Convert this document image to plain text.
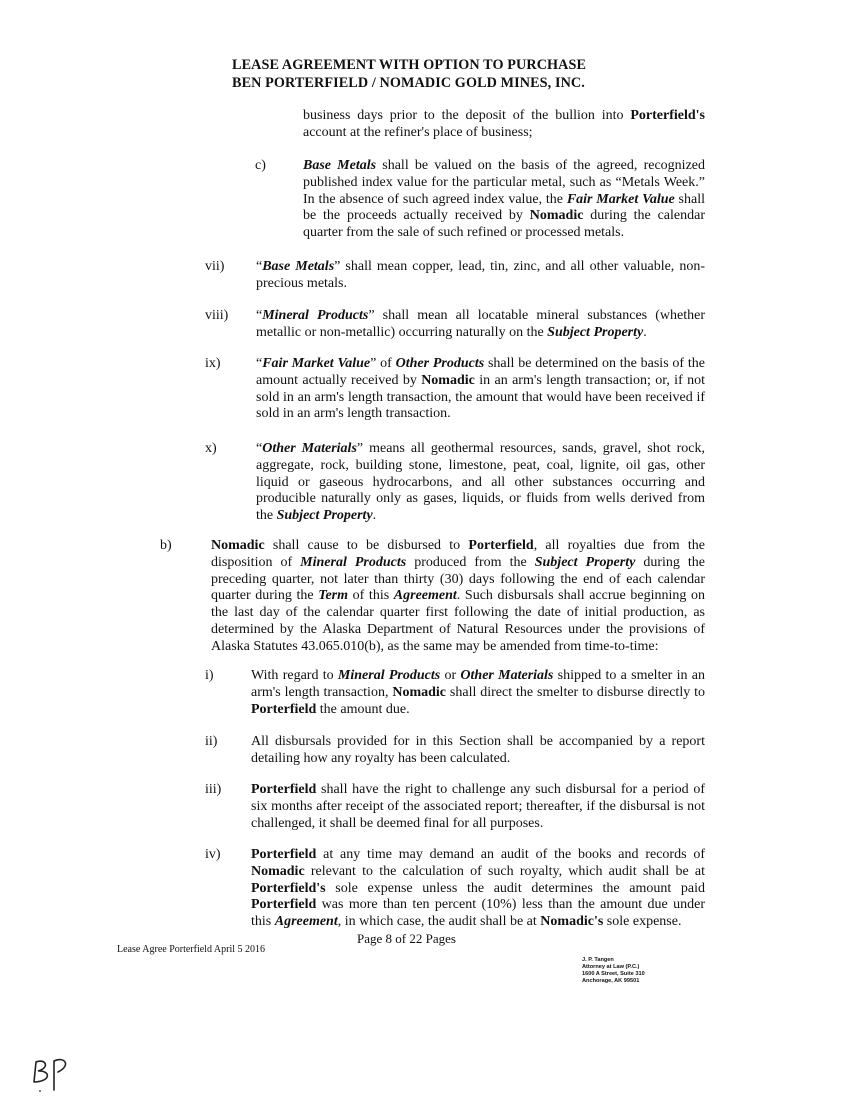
LEASE AGREEMENT WITH OPTION TO PURCHASE
BEN PORTERFIELD / NOMADIC GOLD MINES, INC.

business days prior to the deposit of the bullion into Porterfield's account at the refiner's place of business;

c)	Base Metals shall be valued on the basis of the agreed, recognized published index value for the particular metal, such as “Metals Week.” In the absence of such agreed index value, the Fair Market Value shall be the proceeds actually received by Nomadic during the calendar quarter from the sale of such refined or processed metals.

vii) “Base Metals” shall mean copper, lead, tin, zinc, and all other valuable, non-precious metals.

viii) “Mineral Products” shall mean all locatable mineral substances (whether metallic or non-metallic) occurring naturally on the Subject Property.

ix)	“Fair Market Value” of Other Products shall be determined on the basis of the amount actually received by Nomadic in an arm's length transaction; or, if not sold in an arm's length transaction, the amount that would have been received if sold in an arm's length transaction.

x)	“Other Materials” means all geothermal resources, sands, gravel, shot rock, aggregate, rock, building stone, limestone, peat, coal, lignite, oil gas, other liquid or gaseous hydrocarbons, and all other substances occurring and producible naturally only as gases, liquids, or fluids from wells derived from the Subject Property.

b)	Nomadic shall cause to be disbursed to Porterfield, all royalties due from the disposition of Mineral Products produced from the Subject Property during the preceding quarter, not later than thirty (30) days following the end of each calendar quarter during the Term of this Agreement. Such disbursals shall accrue beginning on the last day of the calendar quarter first following the date of initial production, as determined by the Alaska Department of Natural Resources under the provisions of Alaska Statutes 43.065.010(b), as the same may be amended from time-to-time:

i)	With regard to Mineral Products or Other Materials shipped to a smelter in an arm's length transaction, Nomadic shall direct the smelter to disburse directly to Porterfield the amount due.

ii) All disbursals provided for in this Section shall be accompanied by a report detailing how any royalty has been calculated.

iii) Porterfield shall have the right to challenge any such disbursal for a period of six months after receipt of the associated report; thereafter, if the disbursal is not challenged, it shall be deemed final for all purposes.

iv) Porterfield at any time may demand an audit of the books and records of Nomadic relevant to the calculation of such royalty, which audit shall be at Porterfield's sole expense unless the audit determines the amount paid Porterfield was more than ten percent (10%) less than the amount due under this Agreement, in which case, the audit shall be at Nomadic's sole expense.

Page 8 of 22 Pages
Lease Agree Porterfield April 5 2016
J. P. Tangen
Attorney at Law (P.C.)
1600 A Street, Suite 310
Anchorage, AK 99501
